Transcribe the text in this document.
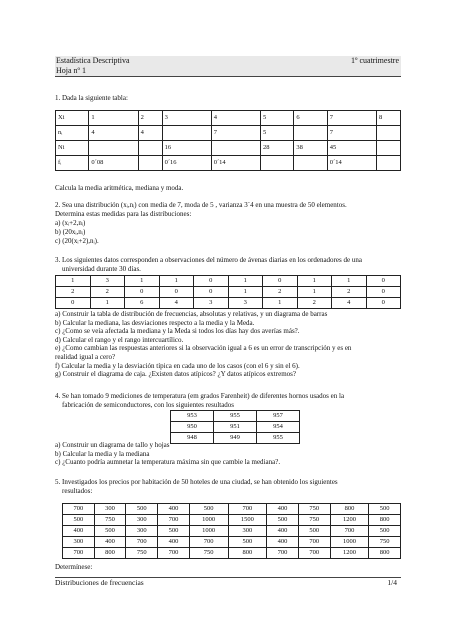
Estadística Descriptiva
Hoja nº 1
1º cuatrimestre
1. Dada la siguiente tabla:
Xi	1	2	3	4	5	6	7	8
nᵢ	4	4		7	5		7	
Ni			16		28	38	45	
fᵢ	0´08		0´16	0´14			0´14	
Calcula la media aritmética, mediana y moda.
2. Sea una distribución (xᵢ,nᵢ) con media de 7, moda de 5 , varianza 3´4 en una muestra de 50 elementos.
Determina estas medidas para las distribuciones:
a) (xᵢ+2,nᵢ)
b) (20xᵢ,nᵢ)
c) (20(xᵢ+2),nᵢ).
3. Los siguientes datos corresponden a observaciones del número de ávenas diarias en los ordenadores de una
universidad durante 30 días.
1	3	1	1	0	1	0	1	1	0
2	2	0	0	0	1	2	1	2	0
0	1	6	4	3	3	1	2	4	0
a) Construir la tabla de distribución de frecuencias, absolutas y relativas, y un diagrama de barras
b) Calcular la mediana, las desviaciones respecto a la media y la Meda.
c) ¿Como se veía afectada la mediana y la Meda si todos los días hay dos averías más?.
d) Calcular el rango y el rango intercuartílico.
e) ¿Como cambian las respuestas anteriores si la observación igual a 6 es un error de transcripción y es en
realidad igual a cero?
f) Calcular la media y la desviación típica en cada uno de los casos (con el 6 y sin el 6).
g) Construir el diagrama de caja. ¿Existen datos atípicos? ¿Y datos atípicos extremos?
4. Se han tomado 9 mediciones de temperatura (em grados Farenheit) de diferentes hornos usados en la
fabricación de semiconductores, con los siguientes resultados
953	955	957
950	951	954
948	949	955
a) Construir un diagrama de tallo y hojas
b) Calcular la media y la mediana
c) ¿Cuanto podría aumnetar la temperatura máxima sin que cambie la mediana?.
5. Investigados los precios por habitación de 50 hoteles de una ciudad, se han obtenido los siguientes
resultados:
700	300	500	400	500	700	400	750	800	500
500	750	300	700	1000	1500	500	750	1200	800
400	500	300	500	1000	300	400	500	700	500
300	400	700	400	700	500	400	700	1000	750
700	800	750	700	750	800	700	700	1200	800
Determínese:
Distribuciones de frecuencias	1/4
